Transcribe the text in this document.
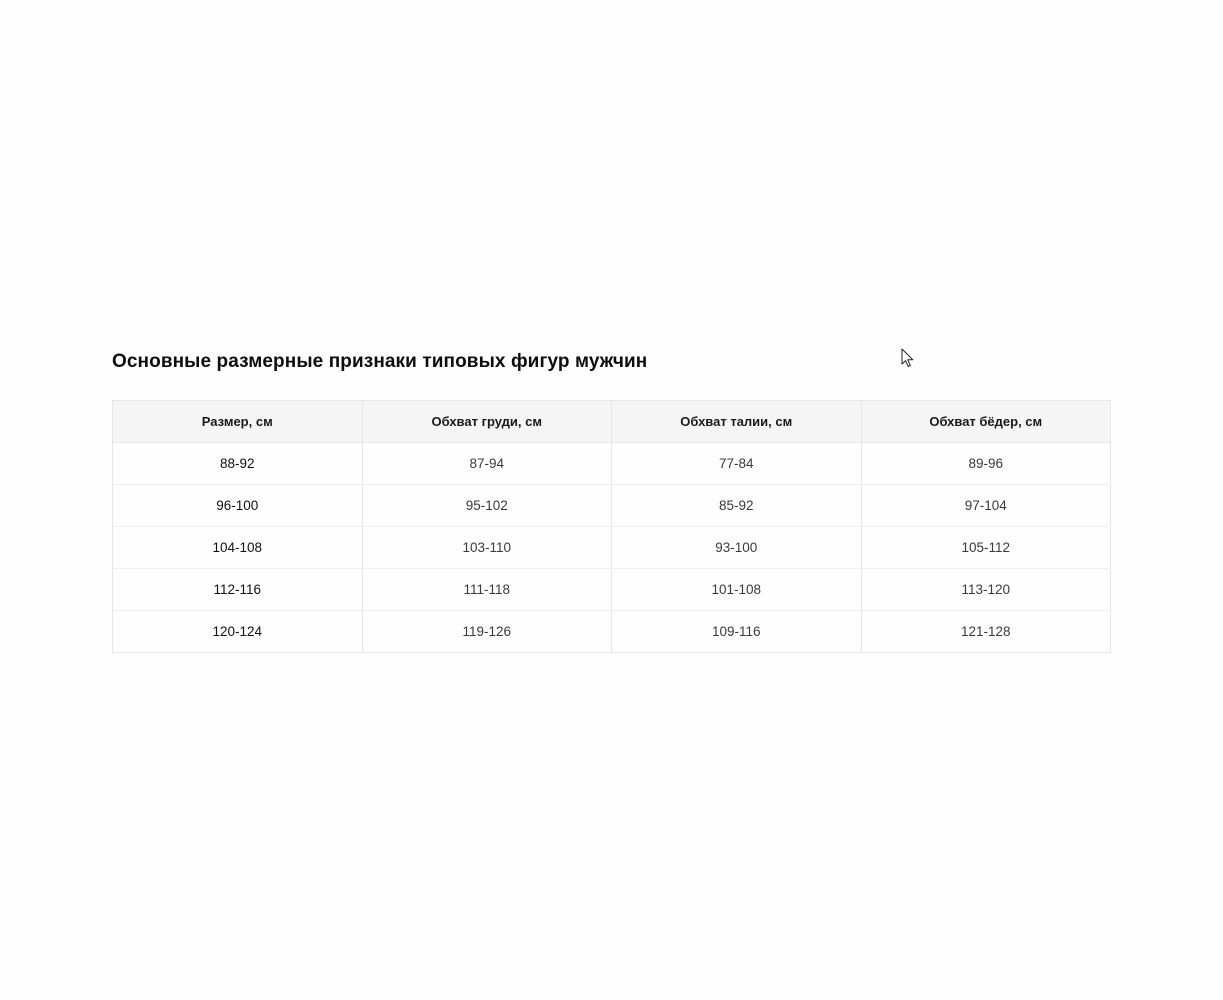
Основные размерные признаки типовых фигур мужчин
Размер, см	Обхват груди, см	Обхват талии, см	Обхват бёдер, см
88-92	87-94	77-84	89-96
96-100	95-102	85-92	97-104
104-108	103-110	93-100	105-112
112-116	111-118	101-108	113-120
120-124	119-126	109-116	121-128
